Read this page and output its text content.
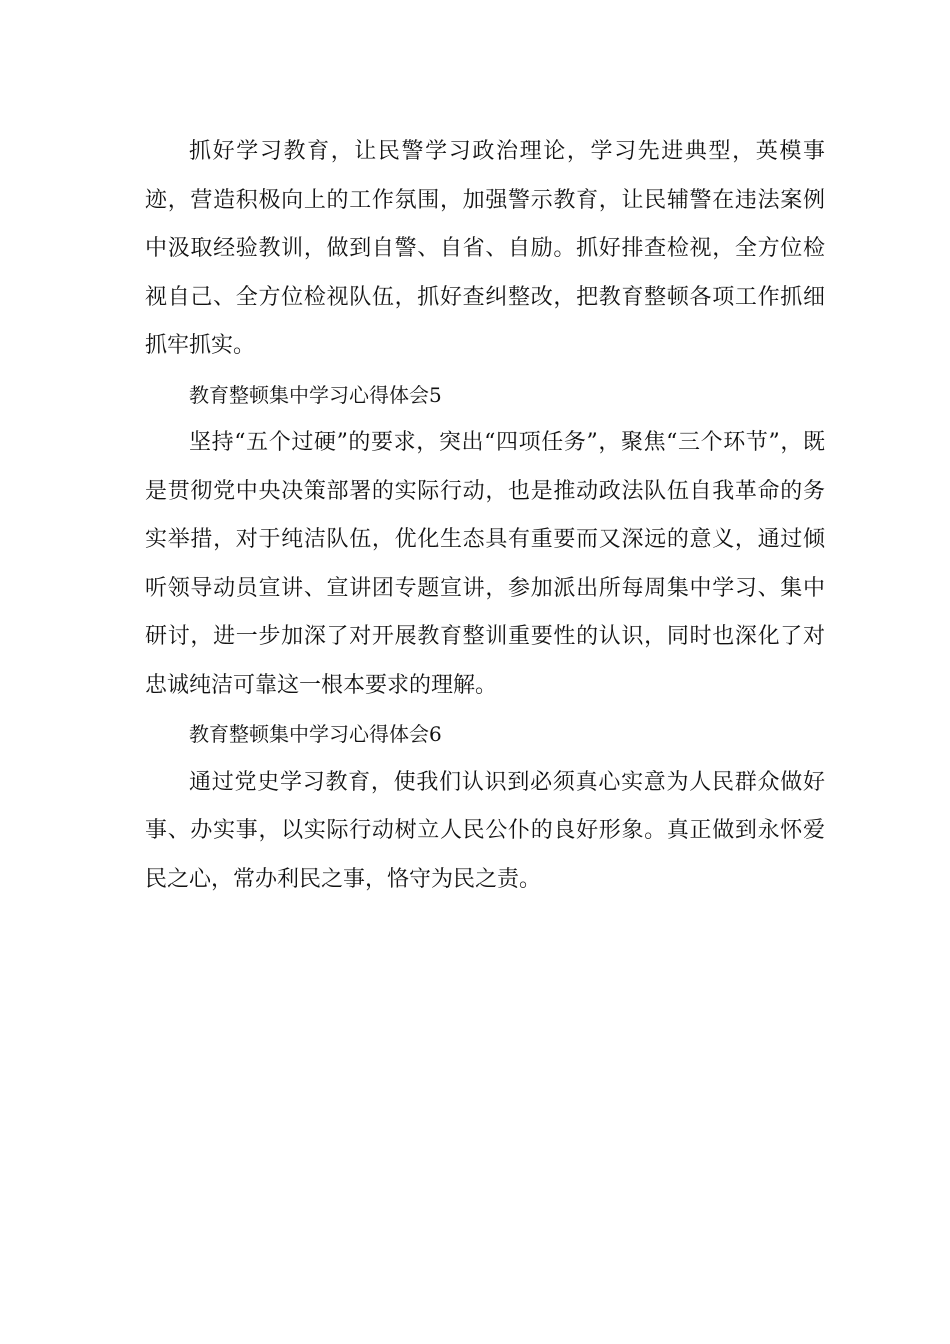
抓好学习教育，让民警学习政治理论，学习先进典型，英模事迹，营造积极向上的工作氛围，加强警示教育，让民辅警在违法案例中汲取经验教训，做到自警、自省、自励。抓好排查检视，全方位检视自己、全方位检视队伍，抓好查纠整改，把教育整顿各项工作抓细抓牢抓实。

教育整顿集中学习心得体会5

坚持“五个过硬”的要求，突出“四项任务”，聚焦“三个环节”，既是贯彻党中央决策部署的实际行动，也是推动政法队伍自我革命的务实举措，对于纯洁队伍，优化生态具有重要而又深远的意义，通过倾听领导动员宣讲、宣讲团专题宣讲，参加派出所每周集中学习、集中研讨，进一步加深了对开展教育整训重要性的认识，同时也深化了对忠诚纯洁可靠这一根本要求的理解。

教育整顿集中学习心得体会6

通过党史学习教育，使我们认识到必须真心实意为人民群众做好事、办实事，以实际行动树立人民公仆的良好形象。真正做到永怀爱民之心，常办利民之事，恪守为民之责。
